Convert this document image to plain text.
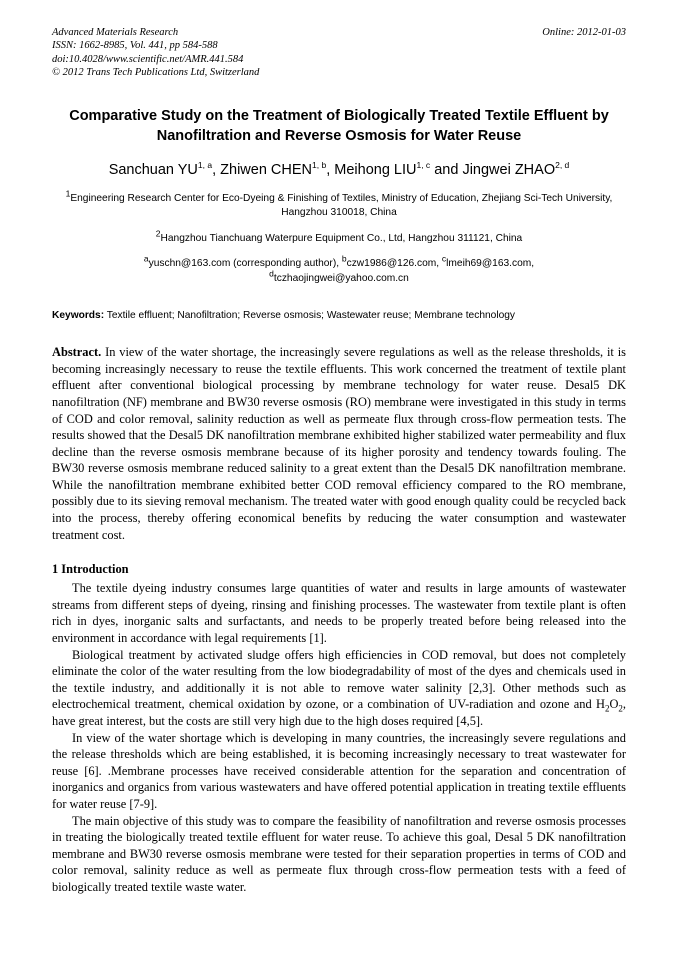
Advanced Materials Research
ISSN: 1662-8985, Vol. 441, pp 584-588
doi:10.4028/www.scientific.net/AMR.441.584
© 2012 Trans Tech Publications Ltd, Switzerland
Online: 2012-01-03
Comparative Study on the Treatment of Biologically Treated Textile Effluent by Nanofiltration and Reverse Osmosis for Water Reuse
Sanchuan YU$^{1, a}$, Zhiwen CHEN$^{1, b}$, Meihong LIU$^{1, c}$ and Jingwei ZHAO$^{2, d}$
$^1$Engineering Research Center for Eco-Dyeing & Finishing of Textiles, Ministry of Education, Zhejiang Sci-Tech University, Hangzhou 310018, China
$^2$Hangzhou Tianchuang Waterpure Equipment Co., Ltd, Hangzhou 311121, China
$^a$yuschn@163.com (corresponding author), $^b$czw1986@126.com, $^c$lmeih69@163.com,
$^d$tczhaojingwei@yahoo.com.cn
Keywords: Textile effluent; Nanofiltration; Reverse osmosis; Wastewater reuse; Membrane technology
Abstract. In view of the water shortage, the increasingly severe regulations as well as the release thresholds, it is becoming increasingly necessary to reuse the textile effluents. This work concerned the treatment of textile plant effluent after conventional biological processing by membrane technology for water reuse. Desal5 DK nanofiltration (NF) membrane and BW30 reverse osmosis (RO) membrane were investigated in this study in terms of COD and color removal, salinity reduction as well as permeate flux through cross-flow permeation tests. The results showed that the Desal5 DK nanofiltration membrane exhibited higher stabilized water permeability and flux decline than the reverse osmosis membrane because of its higher porosity and tendency towards fouling. The BW30 reverse osmosis membrane reduced salinity to a great extent than the Desal5 DK nanofiltration membrane. While the nanofiltration membrane exhibited better COD removal efficiency compared to the RO membrane, possibly due to its sieving removal mechanism. The treated water with good enough quality could be recycled back into the process, thereby offering economical benefits by reducing the water consumption and wastewater treatment cost.
1 Introduction

The textile dyeing industry consumes large quantities of water and results in large amounts of wastewater streams from different steps of dyeing, rinsing and finishing processes. The wastewater from textile plant is often rich in dyes, inorganic salts and surfactants, and needs to be properly treated before being released into the environment in accordance with legal requirements [1].

Biological treatment by activated sludge offers high efficiencies in COD removal, but does not completely eliminate the color of the water resulting from the low biodegradability of most of the dyes and chemicals used in the textile industry, and additionally it is not able to remove water salinity [2,3]. Other methods such as electrochemical treatment, chemical oxidation by ozone, or a combination of UV-radiation and ozone and $H_2O_2$, have great interest, but the costs are still very high due to the high doses required [4,5].

In view of the water shortage which is developing in many countries, the increasingly severe regulations and the release thresholds which are being established, it is becoming increasingly necessary to treat wastewater for reuse [6]. .Membrane processes have received considerable attention for the separation and concentration of inorganics and organics from various wastewaters and have offered potential application in treating textile effluents for water reuse [7-9].

The main objective of this study was to compare the feasibility of nanofiltration and reverse osmosis processes in treating the biologically treated textile effluent for water reuse. To achieve this goal, Desal 5 DK nanofiltration membrane and BW30 reverse osmosis membrane were tested for their separation properties in terms of COD and color removal, salinity reduce as well as permeate flux through cross-flow permeation tests with a feed of biologically treated textile waste water.
